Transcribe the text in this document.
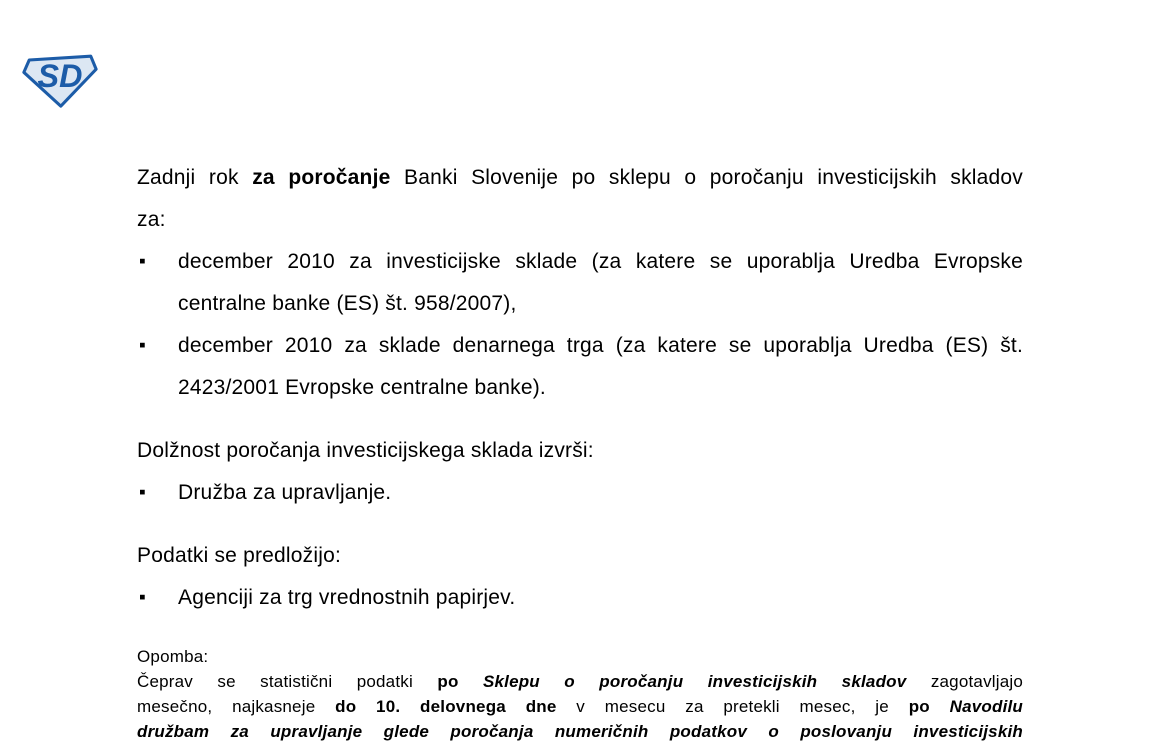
SD
Zadnji rok za poročanje Banki Slovenije po sklepu o poročanju investicijskih skladov
za:
▪	december 2010 za investicijske sklade (za katere se uporablja Uredba Evropske
centralne banke (ES) št. 958/2007),
▪	december 2010 za sklade denarnega trga (za katere se uporablja Uredba (ES) št.
2423/2001 Evropske centralne banke).
Dolžnost poročanja investicijskega sklada izvrši:
▪	Družba za upravljanje.
Podatki se predložijo:
▪	Agenciji za trg vrednostnih papirjev.
Opomba:
Čeprav se statistični podatki po Sklepu o poročanju investicijskih skladov zagotavljajo
mesečno, najkasneje do 10. delovnega dne v mesecu za pretekli mesec, je po Navodilu
družbam za upravljanje glede poročanja numeričnih podatkov o poslovanju investicijskih
